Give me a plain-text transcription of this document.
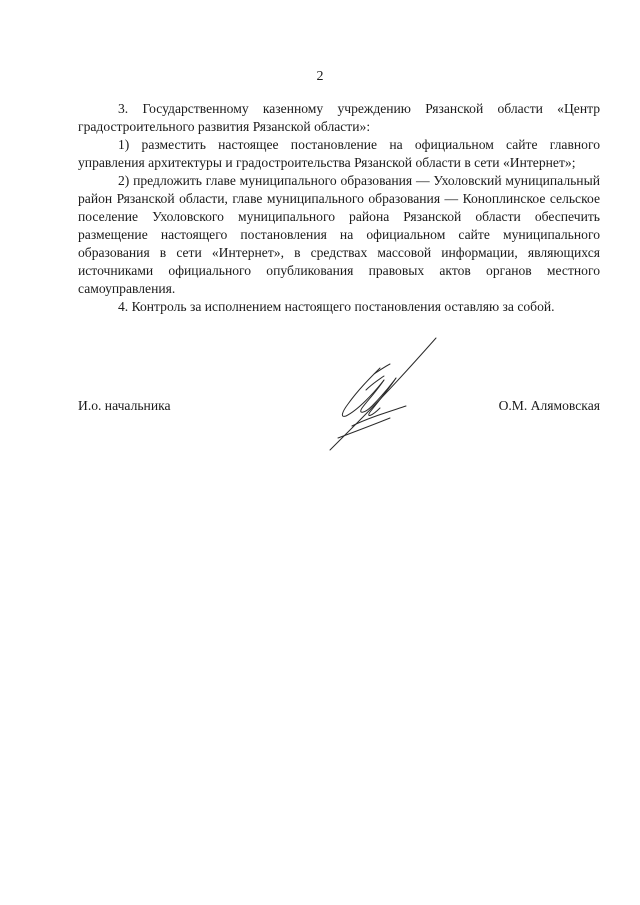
2

3. Государственному казенному учреждению Рязанской области «Центр градостроительного развития Рязанской области»:

1) разместить настоящее постановление на официальном сайте главного управления архитектуры и градостроительства Рязанской области в сети «Интернет»;

2) предложить главе муниципального образования — Ухоловский муниципальный район Рязанской области, главе муниципального образования — Коноплинское сельское поселение Ухоловского муниципального района Рязанской области обеспечить размещение настоящего постановления на официальном сайте муниципального образования в сети «Интернет», в средствах массовой информации, являющихся источниками официального опубликования правовых актов органов местного самоуправления.

4. Контроль за исполнением настоящего постановления оставляю за собой.

И.о. начальника	О.М. Алямовская
